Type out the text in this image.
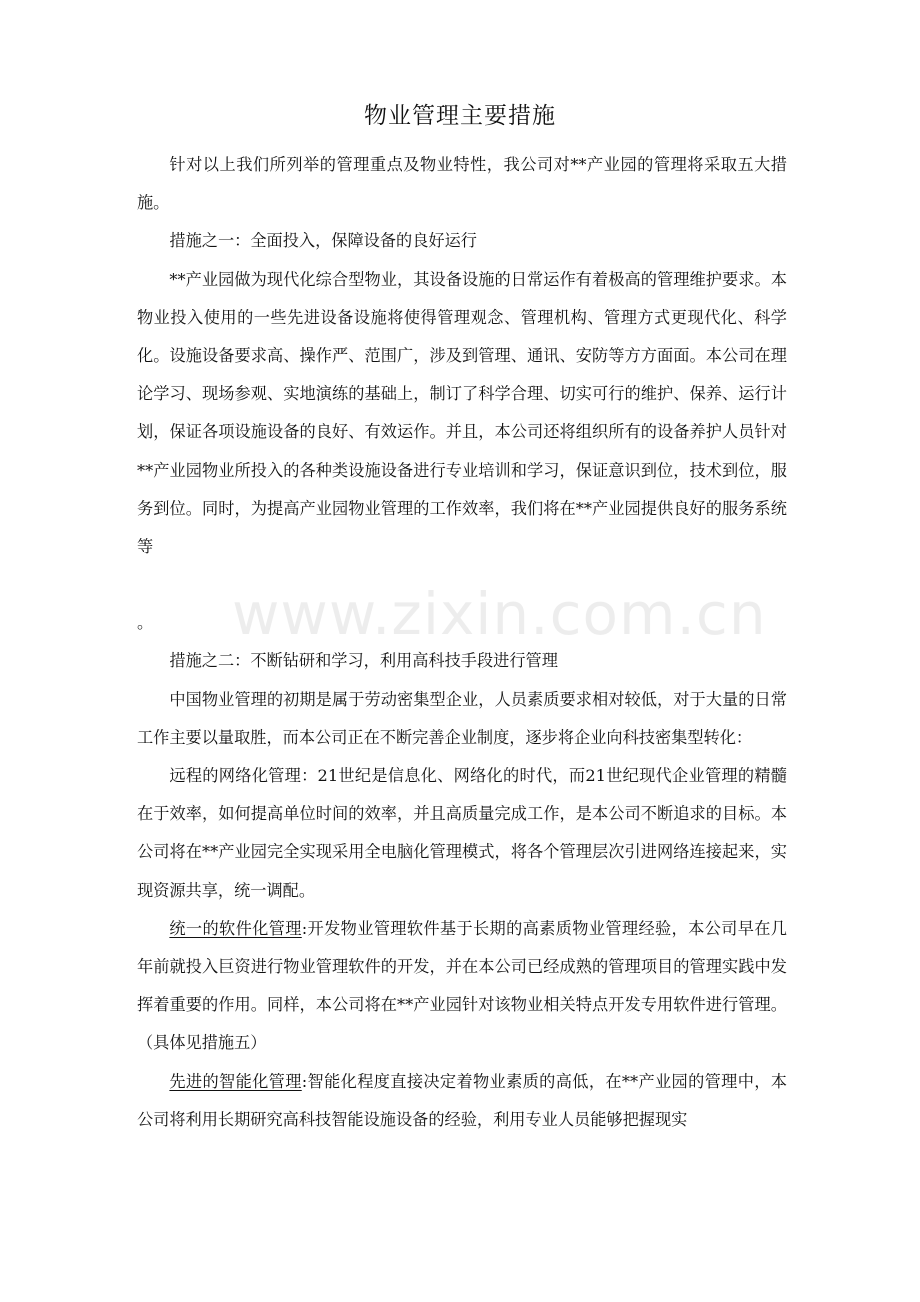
物业管理主要措施

针对以上我们所列举的管理重点及物业特性，我公司对**产业园的管理将采取五大措施。

措施之一：全面投入，保障设备的良好运行

**产业园做为现代化综合型物业，其设备设施的日常运作有着极高的管理维护要求。本物业投入使用的一些先进设备设施将使得管理观念、管理机构、管理方式更现代化、科学化。设施设备要求高、操作严、范围广，涉及到管理、通讯、安防等方方面面。本公司在理论学习、现场参观、实地演练的基础上，制订了科学合理、切实可行的维护、保养、运行计划，保证各项设施设备的良好、有效运作。并且，本公司还将组织所有的设备养护人员针对**产业园物业所投入的各种类设施设备进行专业培训和学习，保证意识到位，技术到位，服务到位。同时，为提高产业园物业管理的工作效率，我们将在**产业园提供良好的服务系统等

。

措施之二：不断钻研和学习，利用高科技手段进行管理

中国物业管理的初期是属于劳动密集型企业，人员素质要求相对较低，对于大量的日常工作主要以量取胜，而本公司正在不断完善企业制度，逐步将企业向科技密集型转化：

远程的网络化管理：21世纪是信息化、网络化的时代，而21世纪现代企业管理的精髓在于效率，如何提高单位时间的效率，并且高质量完成工作，是本公司不断追求的目标。本公司将在**产业园完全实现采用全电脑化管理模式，将各个管理层次引进网络连接起来，实现资源共享，统一调配。

统一的软件化管理:开发物业管理软件基于长期的高素质物业管理经验，本公司早在几年前就投入巨资进行物业管理软件的开发，并在本公司已经成熟的管理项目的管理实践中发挥着重要的作用。同样，本公司将在**产业园针对该物业相关特点开发专用软件进行管理。（具体见措施五）

先进的智能化管理:智能化程度直接决定着物业素质的高低，在**产业园的管理中，本公司将利用长期研究高科技智能设施设备的经验，利用专业人员能够把握现实

www.zixin.com.cn
